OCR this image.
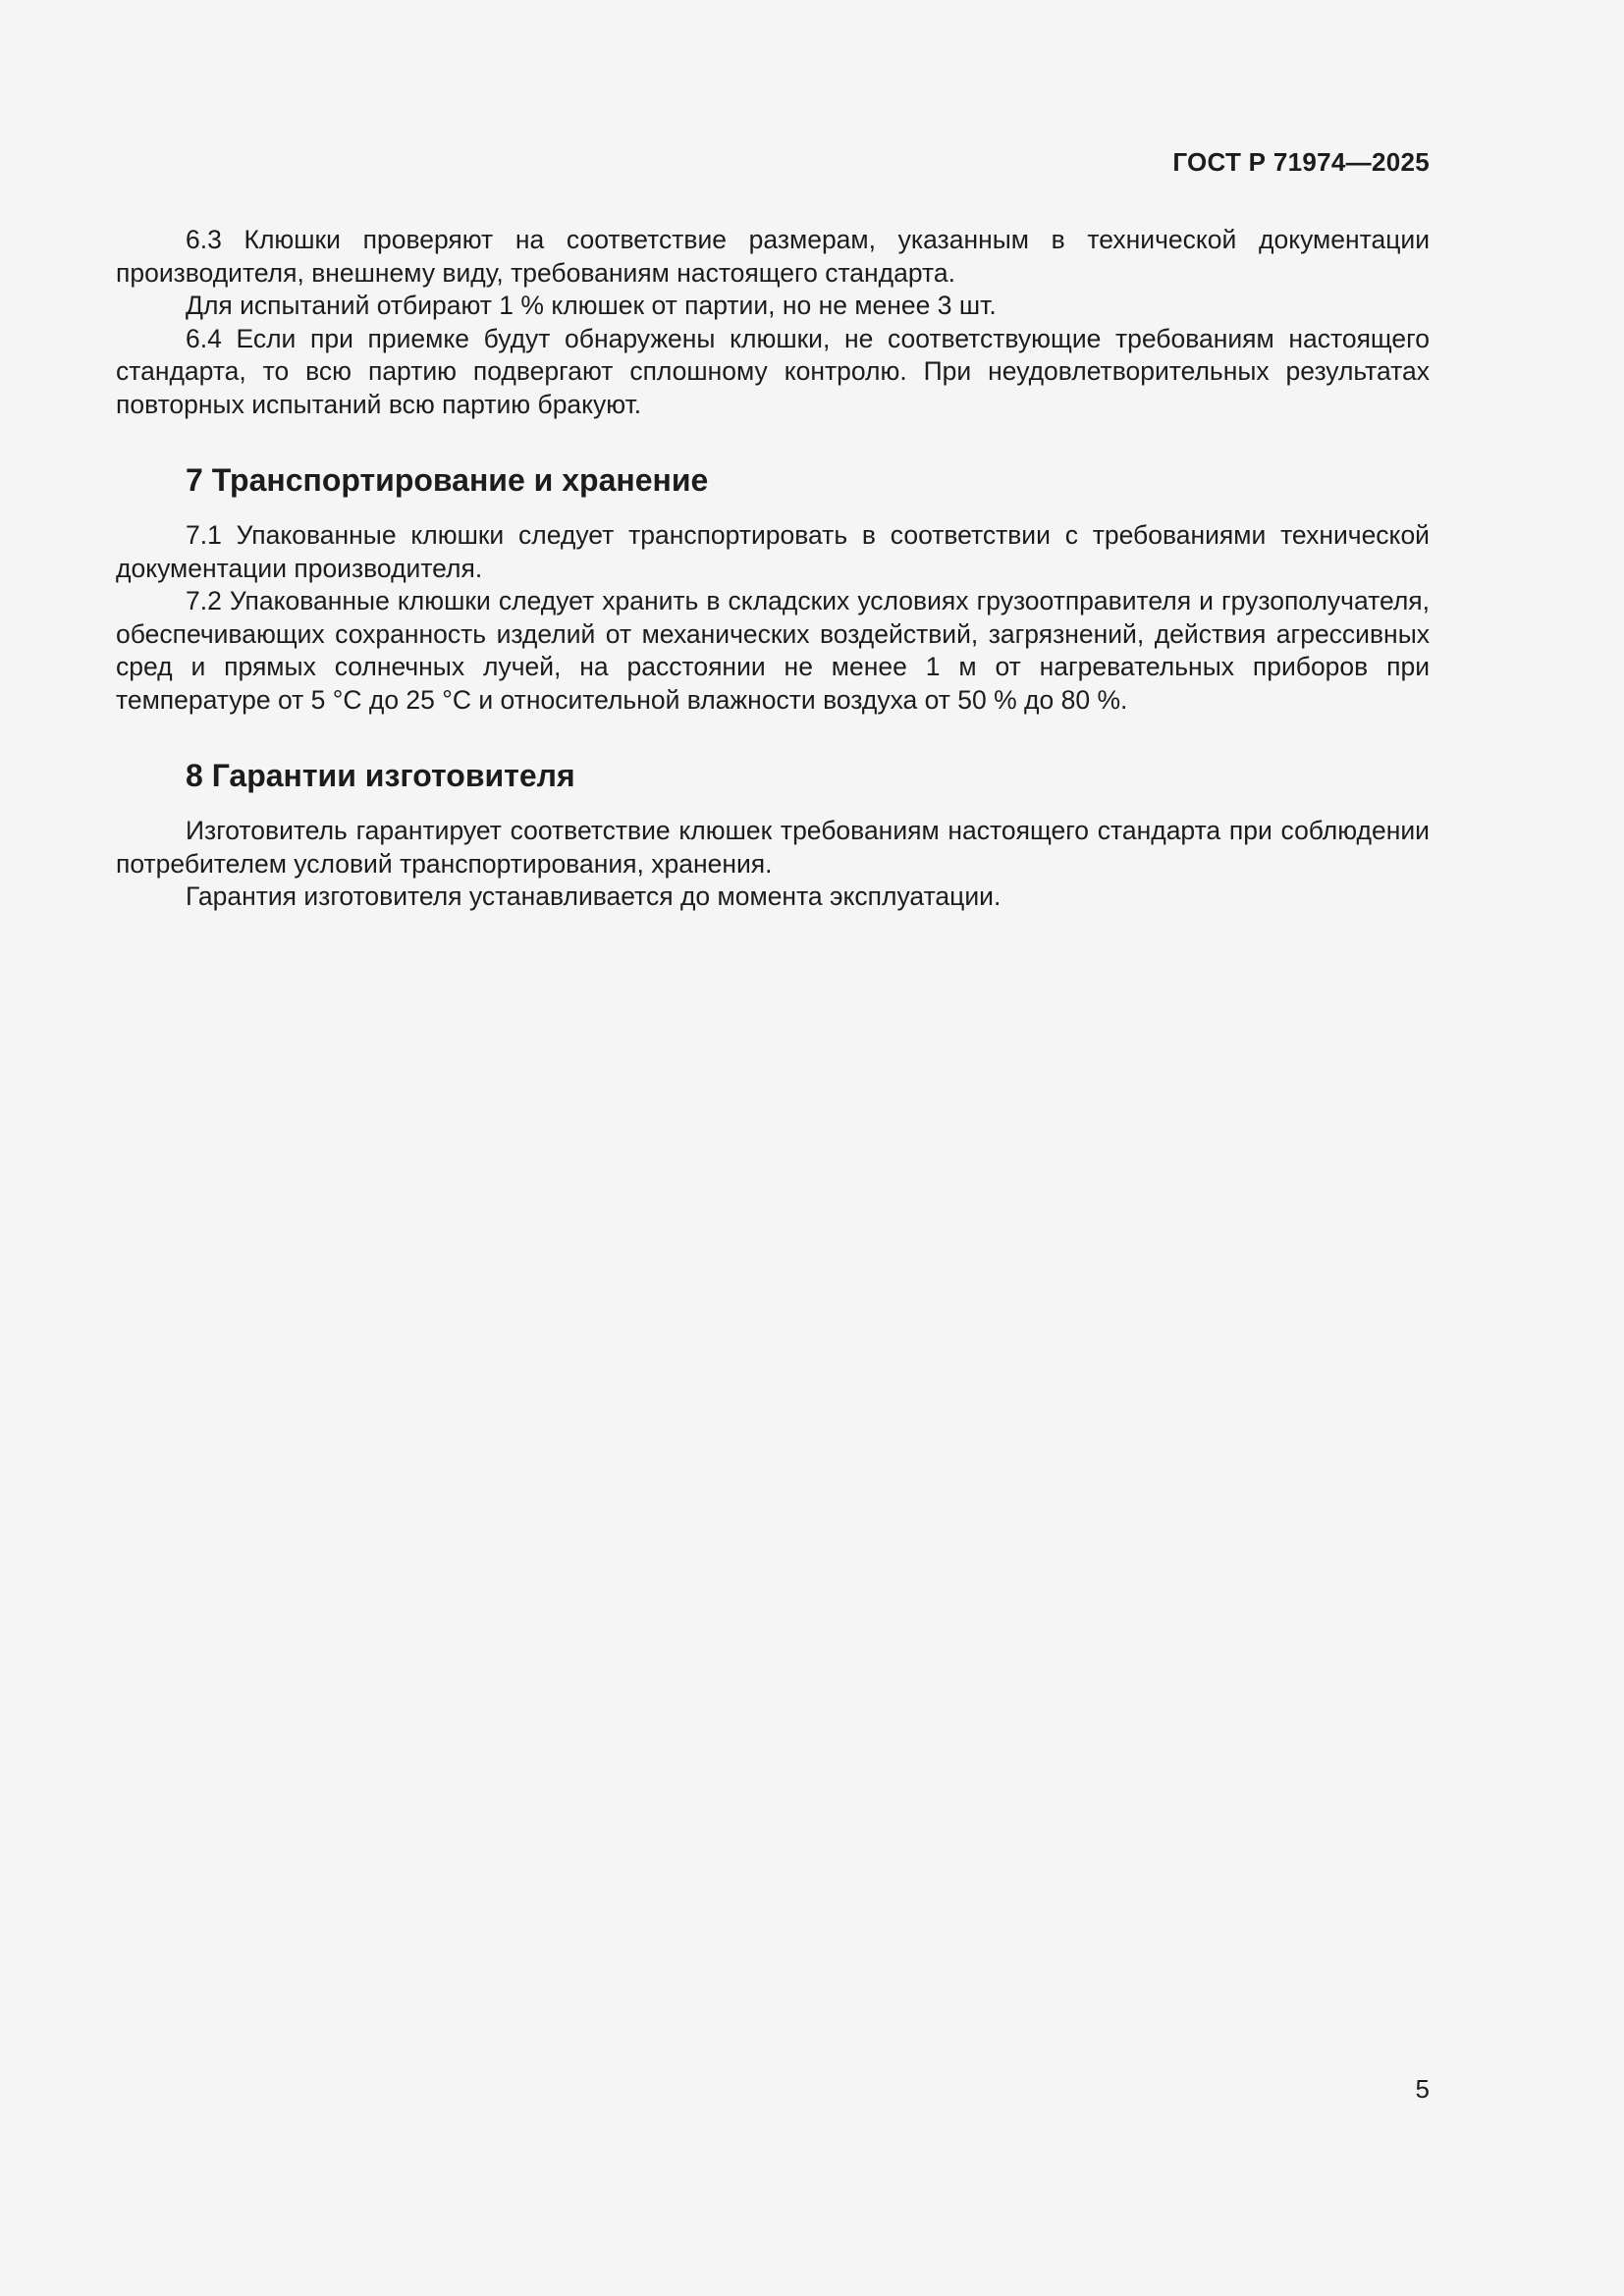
ГОСТ Р 71974—2025

6.3 Клюшки проверяют на соответствие размерам, указанным в технической документации производителя, внешнему виду, требованиям настоящего стандарта.

Для испытаний отбирают 1 % клюшек от партии, но не менее 3 шт.

6.4 Если при приемке будут обнаружены клюшки, не соответствующие требованиям настоящего стандарта, то всю партию подвергают сплошному контролю. При неудовлетворительных результатах повторных испытаний всю партию бракуют.

7 Транспортирование и хранение

7.1 Упакованные клюшки следует транспортировать в соответствии с требованиями технической документации производителя.

7.2 Упакованные клюшки следует хранить в складских условиях грузоотправителя и грузополучателя, обеспечивающих сохранность изделий от механических воздействий, загрязнений, действия агрессивных сред и прямых солнечных лучей, на расстоянии не менее 1 м от нагревательных приборов при температуре от 5 °С до 25 °С и относительной влажности воздуха от 50 % до 80 %.

8 Гарантии изготовителя

Изготовитель гарантирует соответствие клюшек требованиям настоящего стандарта при соблюдении потребителем условий транспортирования, хранения.

Гарантия изготовителя устанавливается до момента эксплуатации.

5
